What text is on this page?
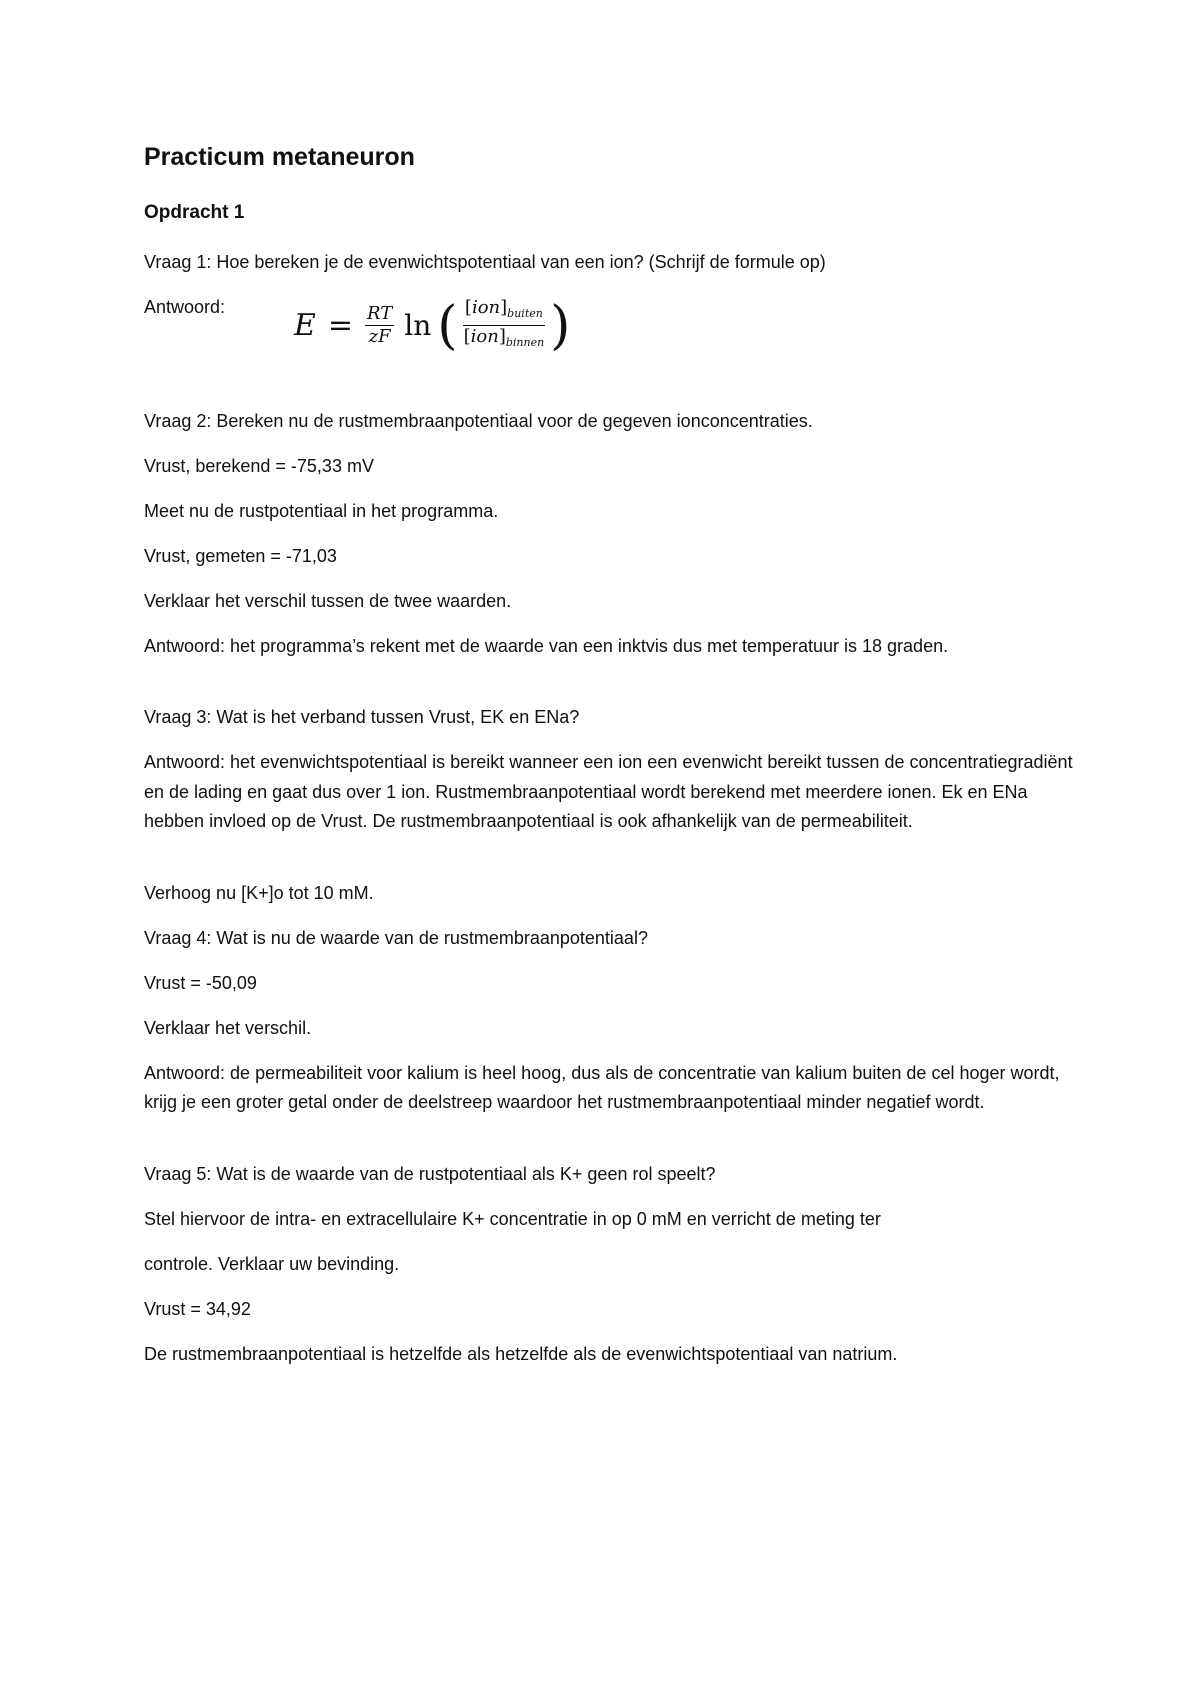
Practicum metaneuron
Opdracht 1

Vraag 1: Hoe bereken je de evenwichtspotentiaal van een ion? (Schrijf de formule op)

Antwoord:
$E = \frac{RT}{zF}$ ln ( $\frac{[ion]_{buiten}}{[ion]_{binnen}}$ )

Vraag 2: Bereken nu de rustmembraanpotentiaal voor de gegeven ionconcentraties.

Vrust, berekend = -75,33 mV

Meet nu de rustpotentiaal in het programma.

Vrust, gemeten = -71,03

Verklaar het verschil tussen de twee waarden.

Antwoord: het programma’s rekent met de waarde van een inktvis dus met temperatuur is 18 graden.

Vraag 3: Wat is het verband tussen Vrust, EK en ENa?

Antwoord: het evenwichtspotentiaal is bereikt wanneer een ion een evenwicht bereikt tussen de concentratiegradiënt en de lading en gaat dus over 1 ion. Rustmembraanpotentiaal wordt berekend met meerdere ionen. Ek en ENa hebben invloed op de Vrust. De rustmembraanpotentiaal is ook afhankelijk van de permeabiliteit.

Verhoog nu [K+]o tot 10 mM.

Vraag 4: Wat is nu de waarde van de rustmembraanpotentiaal?

Vrust = -50,09

Verklaar het verschil.

Antwoord: de permeabiliteit voor kalium is heel hoog, dus als de concentratie van kalium buiten de cel hoger wordt, krijg je een groter getal onder de deelstreep waardoor het rustmembraanpotentiaal minder negatief wordt.

Vraag 5: Wat is de waarde van de rustpotentiaal als K+ geen rol speelt?

Stel hiervoor de intra- en extracellulaire K+ concentratie in op 0 mM en verricht de meting ter

controle. Verklaar uw bevinding.

Vrust = 34,92

De rustmembraanpotentiaal is hetzelfde als hetzelfde als de evenwichtspotentiaal van natrium.
